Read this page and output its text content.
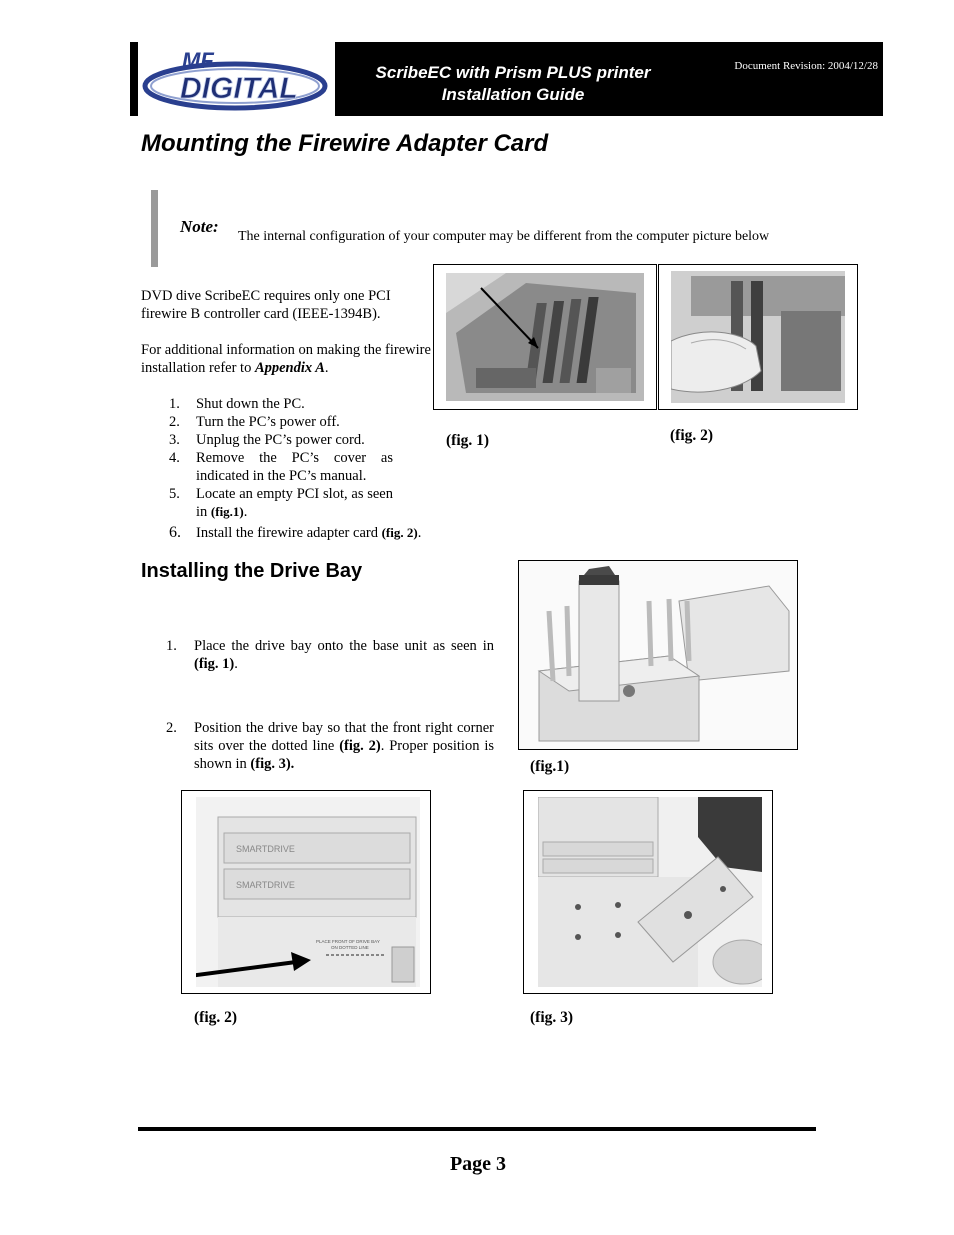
MF
DIGITAL	ScribeEC with Prism PLUS printer
Installation Guide
Document Revision: 2004/12/28
Mounting the Firewire Adapter Card
Note:
The internal configuration of your computer may be different from the computer picture below
DVD dive ScribeEC requires only one PCI firewire B controller card (IEEE-1394B).
For additional information on making the firewire installation refer to Appendix A.
1. Shut down the PC.
2. Turn the PC’s power off.
3. Unplug the PC’s power cord.
4. Remove the PC’s cover as indicated in the PC’s manual.
5. Locate an empty PCI slot, as seen in (fig.1).
6. Install the firewire adapter card (fig. 2).
(fig. 1)	(fig. 2)
Installing the Drive Bay
1. Place the drive bay onto the base unit as seen in (fig. 1).
2. Position the drive bay so that the front right corner sits over the dotted line (fig. 2). Proper position is shown in (fig. 3).	(fig.1)
SMARTDRIVE
SMARTDRIVE
PLACE FRONT OF DRIVE BAY
ON DOTTED LINE
(fig. 2)	(fig. 3)
Page 3
